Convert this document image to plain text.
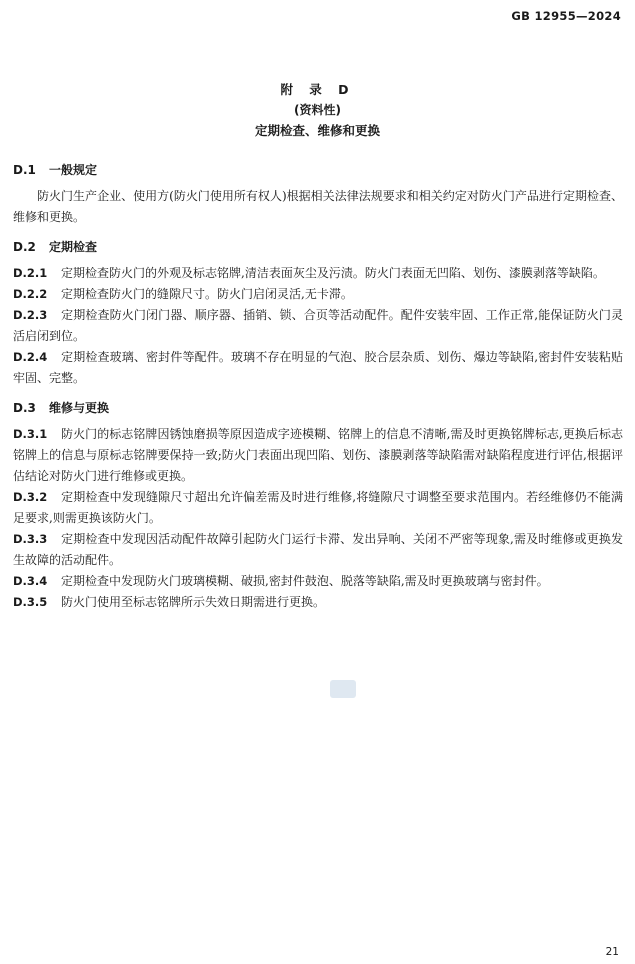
GB 12955—2024
附 录 D
(资料性)
定期检查、维修和更换
D.1 一般规定

防火门生产企业、使用方(防火门使用所有权人)根据相关法律法规要求和相关约定对防火门产品进行定期检查、维修和更换。

D.2 定期检查

D.2.1 定期检查防火门的外观及标志铭牌,清洁表面灰尘及污渍。防火门表面无凹陷、划伤、漆膜剥落等缺陷。

D.2.2 定期检查防火门的缝隙尺寸。防火门启闭灵活,无卡滞。

D.2.3 定期检查防火门闭门器、顺序器、插销、锁、合页等活动配件。配件安装牢固、工作正常,能保证防火门灵活启闭到位。

D.2.4 定期检查玻璃、密封件等配件。玻璃不存在明显的气泡、胶合层杂质、划伤、爆边等缺陷,密封件安装粘贴牢固、完整。

D.3 维修与更换

D.3.1 防火门的标志铭牌因锈蚀磨损等原因造成字迹模糊、铭牌上的信息不清晰,需及时更换铭牌标志,更换后标志铭牌上的信息与原标志铭牌要保持一致;防火门表面出现凹陷、划伤、漆膜剥落等缺陷需对缺陷程度进行评估,根据评估结论对防火门进行维修或更换。

D.3.2 定期检查中发现缝隙尺寸超出允许偏差需及时进行维修,将缝隙尺寸调整至要求范围内。若经维修仍不能满足要求,则需更换该防火门。

D.3.3 定期检查中发现因活动配件故障引起防火门运行卡滞、发出异响、关闭不严密等现象,需及时维修或更换发生故障的活动配件。

D.3.4 定期检查中发现防火门玻璃模糊、破损,密封件鼓泡、脱落等缺陷,需及时更换玻璃与密封件。

D.3.5 防火门使用至标志铭牌所示失效日期需进行更换。

21
